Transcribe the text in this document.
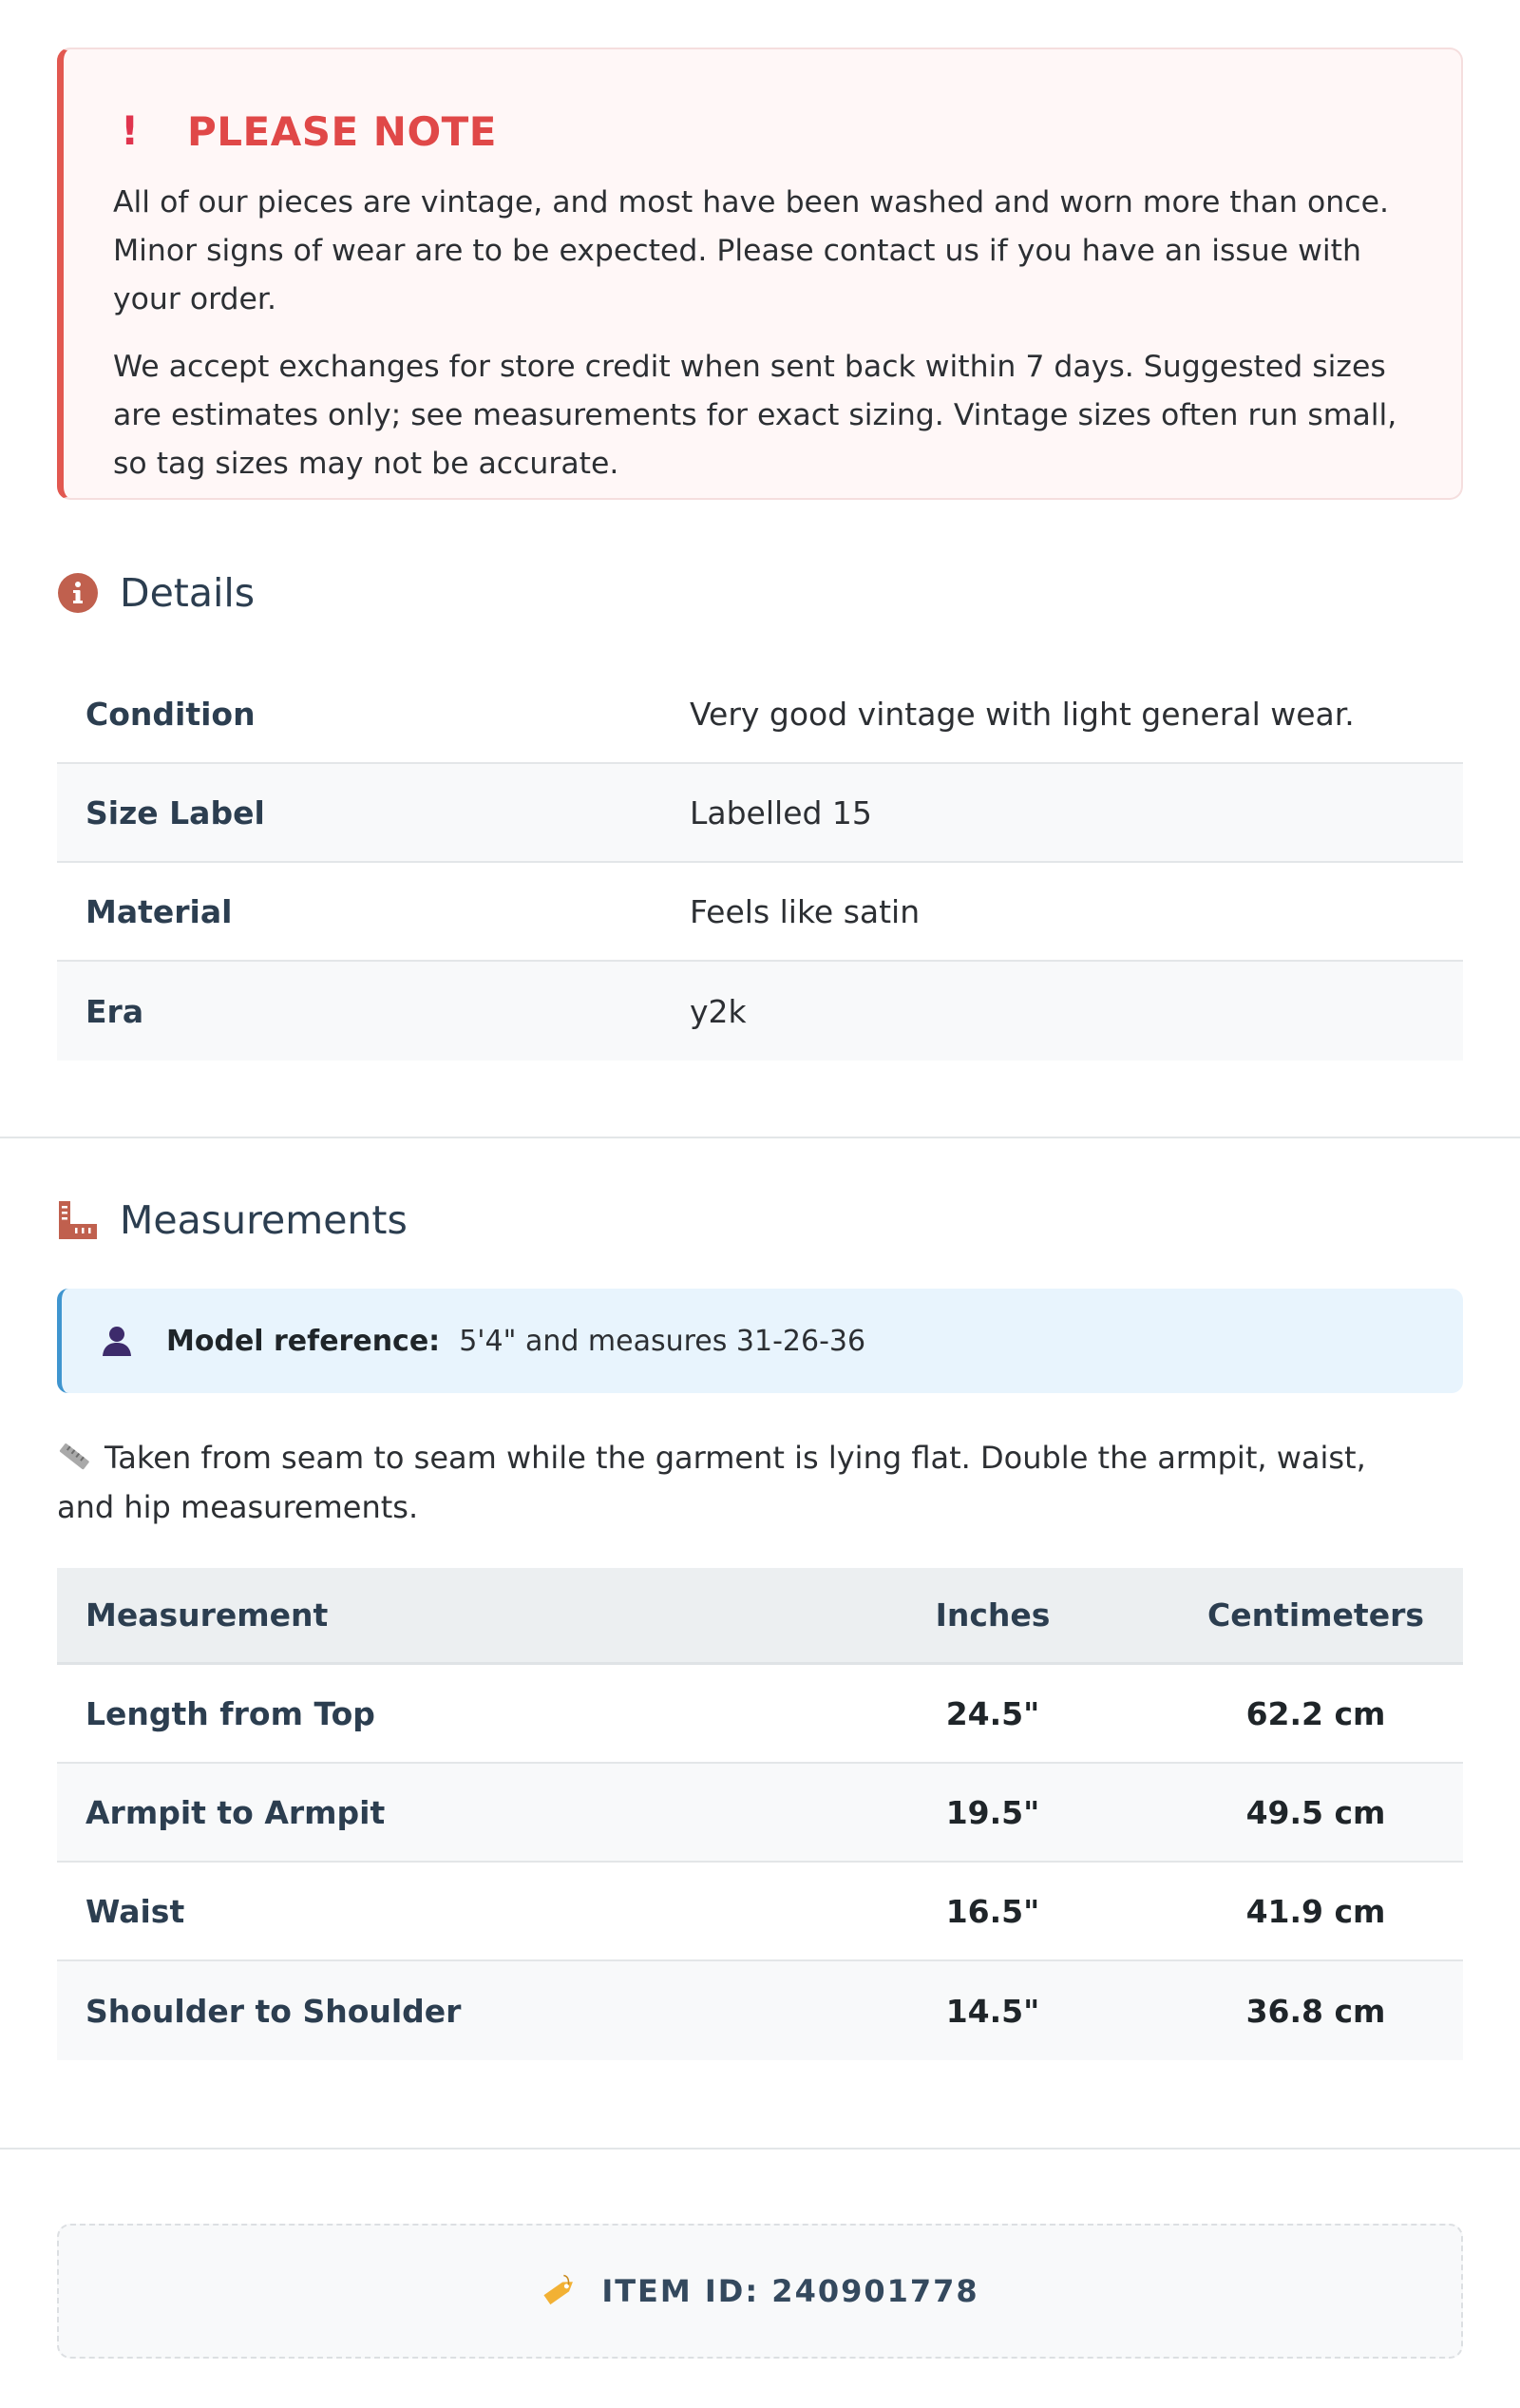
!	PLEASE NOTE

All of our pieces are vintage, and most have been washed and worn more than once. Minor signs of wear are to be expected. Please contact us if you have an issue with your order.

We accept exchanges for store credit when sent back within 7 days. Suggested sizes are estimates only; see measurements for exact sizing. Vintage sizes often run small, so tag sizes may not be accurate.

Details
Condition	Very good vintage with light general wear.
Size Label	Labelled 15
Material	Feels like satin
Era	y2k
Measurements
Model reference: 5'4" and measures 31-26-36
Taken from seam to seam while the garment is lying flat. Double the armpit, waist, and hip measurements.
Measurement	Inches	Centimeters
Length from Top	24.5"	62.2 cm
Armpit to Armpit	19.5"	49.5 cm
Waist	16.5"	41.9 cm
Shoulder to Shoulder	14.5"	36.8 cm
ITEM ID: 240901778
